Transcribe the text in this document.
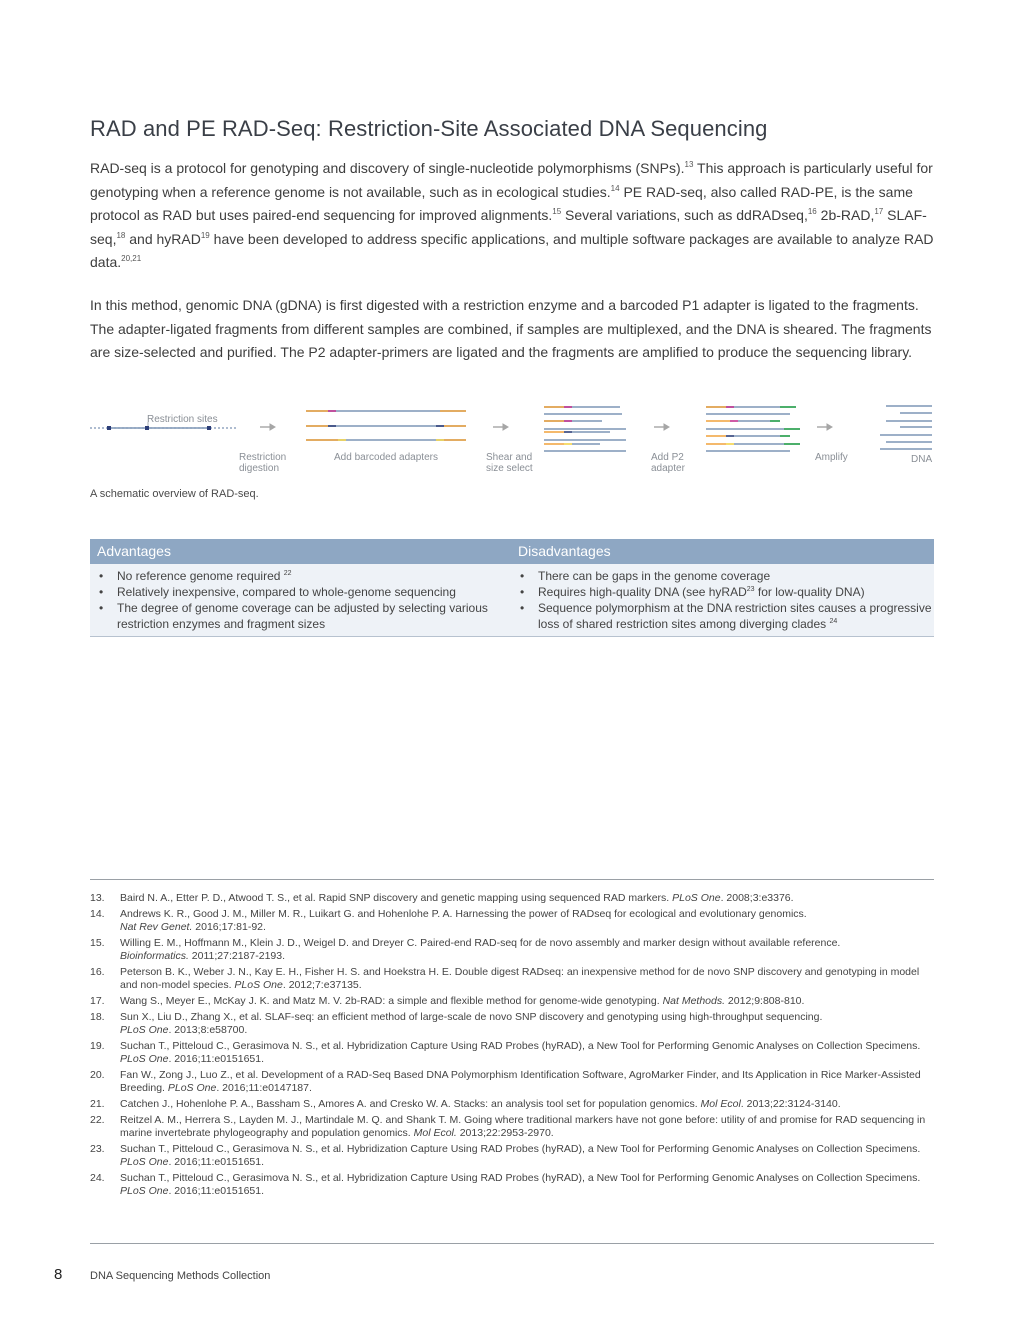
RAD and PE RAD-Seq: Restriction-Site Associated DNA Sequencing

RAD-seq is a protocol for genotyping and discovery of single-nucleotide polymorphisms (SNPs).$^{13}$ This approach is particularly useful for genotyping when a reference genome is not available, such as in ecological studies.$^{14}$ PE RAD-seq, also called RAD-PE, is the same protocol as RAD but uses paired-end sequencing for improved alignments.$^{15}$ Several variations, such as ddRADseq,$^{16}$ 2b-RAD,$^{17}$ SLAF-seq,$^{18}$ and hyRAD$^{19}$ have been developed to address specific applications, and multiple software packages are available to analyze RAD data.$^{20,21}$

In this method, genomic DNA (gDNA) is first digested with a restriction enzyme and a barcoded P1 adapter is ligated to the fragments. The adapter-ligated fragments from different samples are combined, if samples are multiplexed, and the DNA is sheared. The fragments are size-selected and purified. The P2 adapter-primers are ligated and the fragments are amplified to produce the sequencing library.

Restriction sites
Restriction
digestion
Add barcoded adapters	Shear and
size select
Add P2
adapter
Amplify	DNA
A schematic overview of RAD-seq.
Advantages	Disadvantages
• No reference genome required $^{22}$
• Relatively inexpensive, compared to whole-genome sequencing
• The degree of genome coverage can be adjusted by selecting various restriction enzymes and fragment sizes
• There can be gaps in the genome coverage
• Requires high-quality DNA (see hyRAD$^{23}$ for low-quality DNA)
• Sequence polymorphism at the DNA restriction sites causes a progressive loss of shared restriction sites among diverging clades $^{24}$
13. Baird N. A., Etter P. D., Atwood T. S., et al. Rapid SNP discovery and genetic mapping using sequenced RAD markers. PLoS One. 2008;3:e3376.
14. Andrews K. R., Good J. M., Miller M. R., Luikart G. and Hohenlohe P. A. Harnessing the power of RADseq for ecological and evolutionary genomics.
Nat Rev Genet. 2016;17:81-92.
15. Willing E. M., Hoffmann M., Klein J. D., Weigel D. and Dreyer C. Paired-end RAD-seq for de novo assembly and marker design without available reference.
Bioinformatics. 2011;27:2187-2193.
16. Peterson B. K., Weber J. N., Kay E. H., Fisher H. S. and Hoekstra H. E. Double digest RADseq: an inexpensive method for de novo SNP discovery and genotyping in model and non-model species. PLoS One. 2012;7:e37135.
17. Wang S., Meyer E., McKay J. K. and Matz M. V. 2b-RAD: a simple and flexible method for genome-wide genotyping. Nat Methods. 2012;9:808-810.
18. Sun X., Liu D., Zhang X., et al. SLAF-seq: an efficient method of large-scale de novo SNP discovery and genotyping using high-throughput sequencing.
PLoS One. 2013;8:e58700.
19. Suchan T., Pitteloud C., Gerasimova N. S., et al. Hybridization Capture Using RAD Probes (hyRAD), a New Tool for Performing Genomic Analyses on Collection Specimens. PLoS One. 2016;11:e0151651.
20. Fan W., Zong J., Luo Z., et al. Development of a RAD-Seq Based DNA Polymorphism Identification Software, AgroMarker Finder, and Its Application in Rice Marker-Assisted Breeding. PLoS One. 2016;11:e0147187.
21. Catchen J., Hohenlohe P. A., Bassham S., Amores A. and Cresko W. A. Stacks: an analysis tool set for population genomics. Mol Ecol. 2013;22:3124-3140.
22. Reitzel A. M., Herrera S., Layden M. J., Martindale M. Q. and Shank T. M. Going where traditional markers have not gone before: utility of and promise for RAD sequencing in marine invertebrate phylogeography and population genomics. Mol Ecol. 2013;22:2953-2970.
23. Suchan T., Pitteloud C., Gerasimova N. S., et al. Hybridization Capture Using RAD Probes (hyRAD), a New Tool for Performing Genomic Analyses on Collection Specimens. PLoS One. 2016;11:e0151651.
24. Suchan T., Pitteloud C., Gerasimova N. S., et al. Hybridization Capture Using RAD Probes (hyRAD), a New Tool for Performing Genomic Analyses on Collection Specimens. PLoS One. 2016;11:e0151651.
8	DNA Sequencing Methods Collection
